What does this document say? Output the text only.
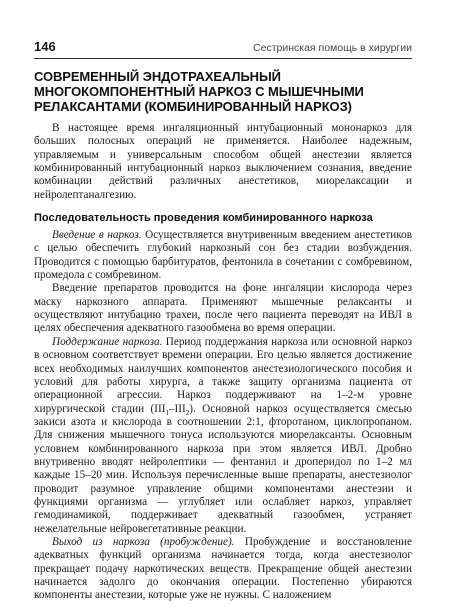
146	Сестринская помощь в хирургии
СОВРЕМЕННЫЙ ЭНДОТРАХЕАЛЬНЫЙ МНОГОКОМПОНЕНТНЫЙ НАРКОЗ С МЫШЕЧНЫМИ РЕЛАКСАНТАМИ (КОМБИНИРОВАННЫЙ НАРКОЗ)

В настоящее время ингаляционный интубационный мононаркоз для больших полосных операций не применяется. Наиболее надежным, управляемым и универсальным способом общей анестезии является комбинированный интубационный наркоз выключением сознания, введение комбинации действий различных анестетиков, миорелаксации и нейролептаналгезию.

Последовательность проведения комбинированного наркоза

Введение в наркоз. Осуществляется внутривенным введением анестетиков с целью обеспечить глубокий наркозный сон без стадии возбуждения. Проводится с помощью барбитуратов, фентонила в сочетании с сомбревином, промедола с сомбревином.

Введение препаратов проводится на фоне ингаляции кислорода через маску наркозного аппарата. Применяют мышечные релаксанты и осуществляют интубацию трахеи, после чего пациента переводят на ИВЛ в целях обеспечения адекватного газообмена во время операции.

Поддержание наркоза. Период поддержания наркоза или основной наркоз в основном соответствует времени операции. Его целью является достижение всех необходимых наилучших компонентов анестезиологического пособия и условий для работы хирурга, а также защиту организма пациента от операционной агрессии. Наркоз поддерживают на 1–2-м уровне хирургической стадии $(III_1-III_2)$. Основной наркоз осуществляется смесью закиси азота и кислорода в соотношении 2:1, фторотаном, циклопропаном. Для снижения мышечного тонуса используются миорелаксанты. Основным условием комбинированного наркоза при этом является ИВЛ. Дробно внутривенно вводят нейролептики — фентанил и дроперидол по 1–2 мл каждые 15–20 мин. Используя перечисленные выше препараты, анестезиолог проводит разумное управление общими компонентами анестезии и функциями организма — углубляет или ослабляет наркоз, управляет гемодинамикой, поддерживает адекватный газообмен, устраняет нежелательные нейровегетативные реакции.

Выход из наркоза (пробуждение). Пробуждение и восстановление адекватных функций организма начинается тогда, когда анестезиолог прекращает подачу наркотических веществ. Прекращение общей анестезии начинается задолго до окончания операции. Постепенно убираются компоненты анестезии, которые уже не нужны. С наложением
